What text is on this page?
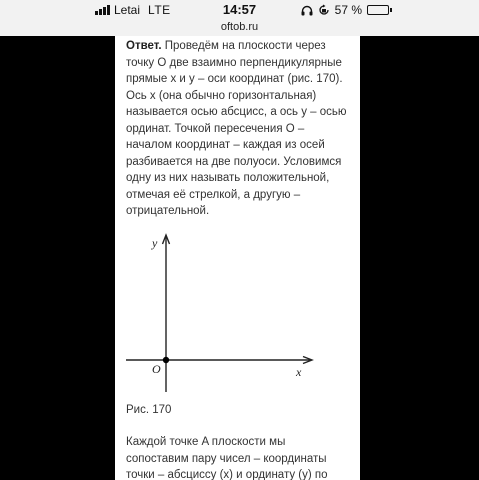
Letai LTE	14:57	57 %
oftob.ru

Ответ. Проведём на плоскости через точку O две взаимно перпендикулярные прямые x и y – оси координат (рис. 170). Ось x (она обычно горизонтальная) называется осью абсцисс, а ось y – осью ординат. Точкой пересечения O – началом координат – каждая из осей разбивается на две полуоси. Условимся одну из них называть положительной, отмечая её стрелкой, а другую – отрицательной.

y
x
O

Рис. 170

Каждой точке A плоскости мы сопоставим пару чисел – координаты точки – абсциссу (x) и ординату (y) по
